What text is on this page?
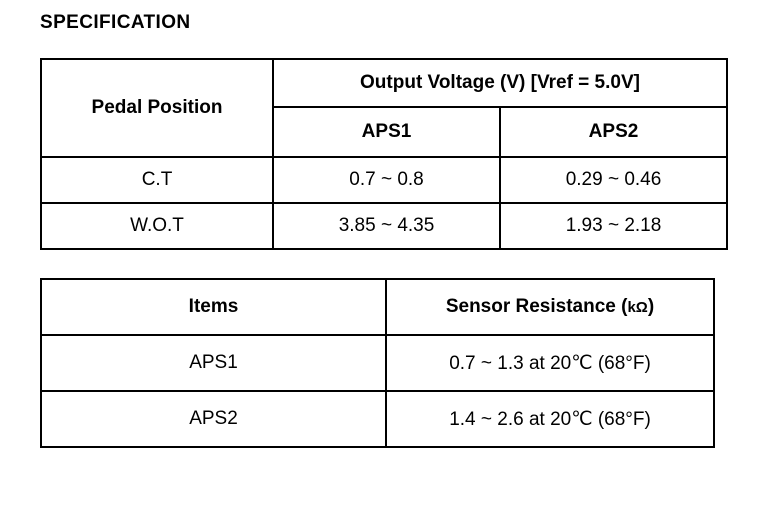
SPECIFICATION
Pedal Position	Output Voltage (V) [Vref = 5.0V]	
	APS1	APS2
C.T	0.7 ~ 0.8	0.29 ~ 0.46
W.O.T	3.85 ~ 4.35	1.93 ~ 2.18
Items	Sensor Resistance (kΩ)
APS1	0.7 ~ 1.3 at 20℃ (68°F)
APS2	1.4 ~ 2.6 at 20℃ (68°F)
